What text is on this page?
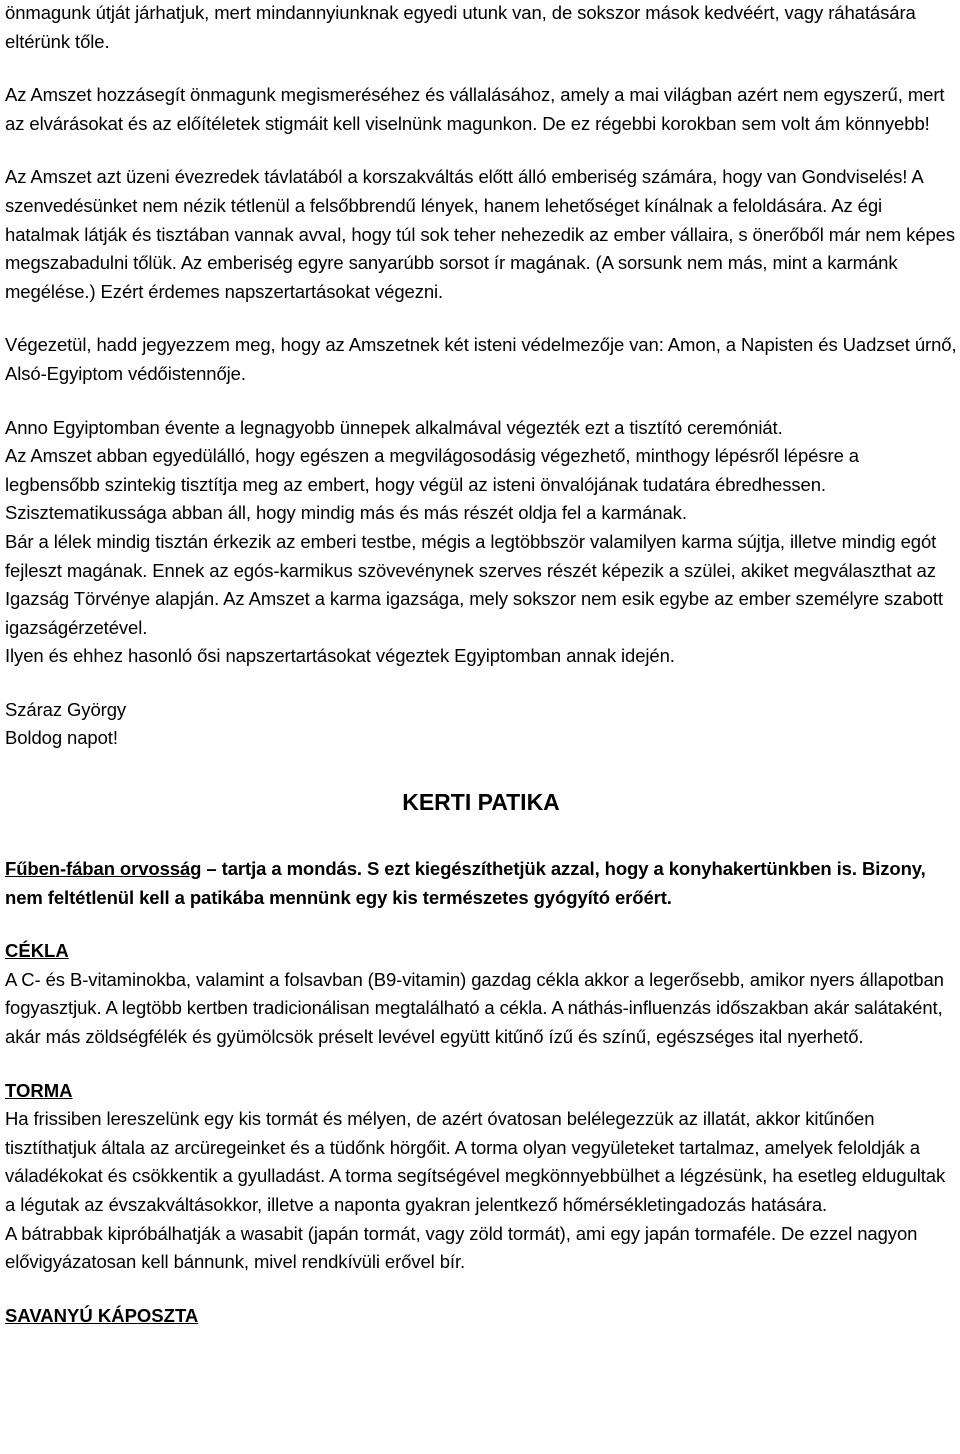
önmagunk útját járhatjuk, mert mindannyiunknak egyedi utunk van, de sokszor mások kedvéért, vagy ráhatására eltérünk tőle.

Az Amszet hozzásegít önmagunk megismeréséhez és vállalásához, amely a mai világban azért nem egyszerű, mert az elvárásokat és az előítéletek stigmáit kell viselnünk magunkon. De ez régebbi korokban sem volt ám könnyebb!

Az Amszet azt üzeni évezredek távlatából a korszakváltás előtt álló emberiség számára, hogy van Gondviselés! A szenvedésünket nem nézik tétlenül a felsőbbrendű lények, hanem lehetőséget kínálnak a feloldására. Az égi hatalmak látják és tisztában vannak avval, hogy túl sok teher nehezedik az ember vállaira, s önerőből már nem képes megszabadulni tőlük. Az emberiség egyre sanyarúbb sorsot ír magának. (A sorsunk nem más, mint a karmánk megélése.) Ezért érdemes napszertartásokat végezni.

Végezetül, hadd jegyezzem meg, hogy az Amszetnek két isteni védelmezője van: Amon, a Napisten és Uadzset úrnő, Alsó-Egyiptom védőistennője.

Anno Egyiptomban évente a legnagyobb ünnepek alkalmával végezték ezt a tisztító ceremóniát.

Az Amszet abban egyedülálló, hogy egészen a megvilágosodásig végezhető, minthogy lépésről lépésre a legbensőbb szintekig tisztítja meg az embert, hogy végül az isteni önvalójának tudatára ébredhessen. Szisztematikussága abban áll, hogy mindig más és más részét oldja fel a karmának.

Bár a lélek mindig tisztán érkezik az emberi testbe, mégis a legtöbbször valamilyen karma sújtja, illetve mindig egót fejleszt magának. Ennek az egós-karmikus szövevénynek szerves részét képezik a szülei, akiket megválaszthat az Igazság Törvénye alapján. Az Amszet a karma igazsága, mely sokszor nem esik egybe az ember személyre szabott igazságérzetével.

Ilyen és ehhez hasonló ősi napszertartásokat végeztek Egyiptomban annak idején.

Száraz György

Boldog napot!

KERTI PATIKA

Fűben-fában orvosság – tartja a mondás. S ezt kiegészíthetjük azzal, hogy a konyhakertünkben is. Bizony, nem feltétlenül kell a patikába mennünk egy kis természetes gyógyító erőért.

CÉKLA

A C- és B-vitaminokba, valamint a folsavban (B9-vitamin) gazdag cékla akkor a legerősebb, amikor nyers állapotban fogyasztjuk. A legtöbb kertben tradicionálisan megtalálható a cékla. A náthás-influenzás időszakban akár salátaként, akár más zöldségfélék és gyümölcsök préselt levével együtt kitűnő ízű és színű, egészséges ital nyerhető.

TORMA

Ha frissiben lereszelünk egy kis tormát és mélyen, de azért óvatosan belélegezzük az illatát, akkor kitűnően tisztíthatjuk általa az arcüregeinket és a tüdőnk hörgőit. A torma olyan vegyületeket tartalmaz, amelyek feloldják a váladékokat és csökkentik a gyulladást. A torma segítségével megkönnyebbülhet a légzésünk, ha esetleg eldugultak a légutak az évszakváltásokkor, illetve a naponta gyakran jelentkező hőmérsékletingadozás hatására.

A bátrabbak kipróbálhatják a wasabit (japán tormát, vagy zöld tormát), ami egy japán tormaféle. De ezzel nagyon elővigyázatosan kell bánnunk, mivel rendkívüli erővel bír.

SAVANYÚ KÁPOSZTA
